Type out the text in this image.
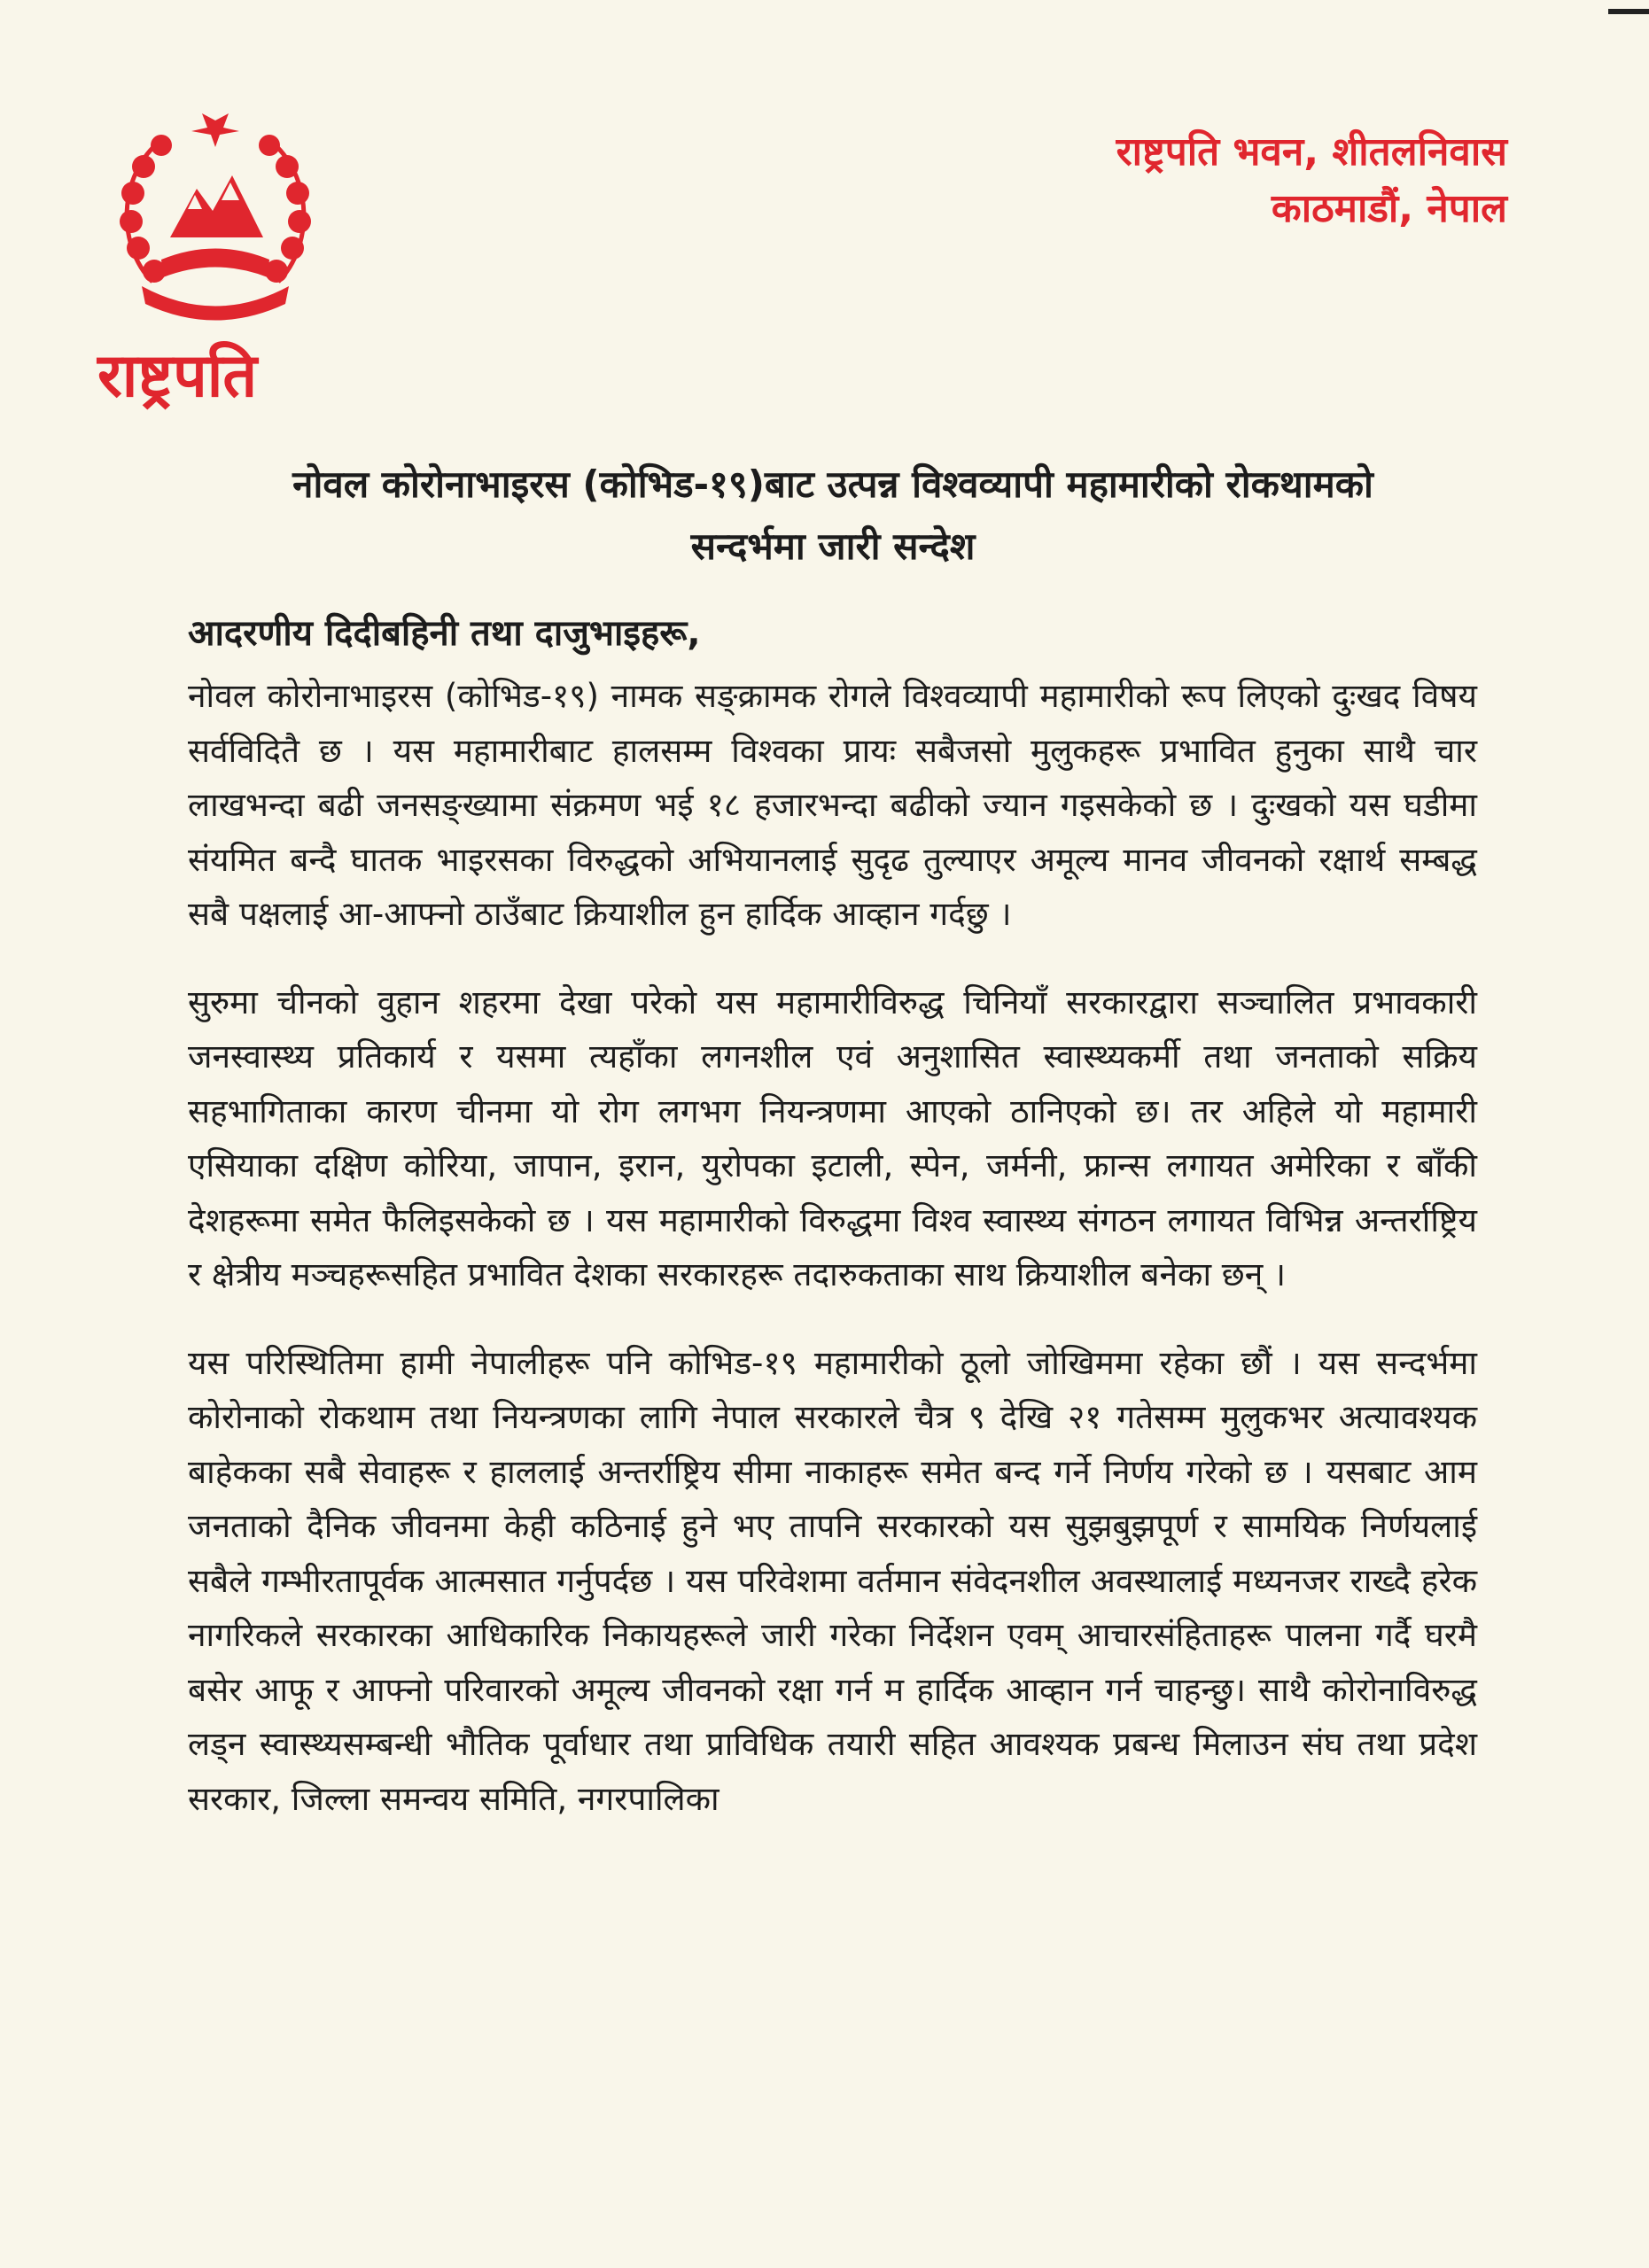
राष्ट्रपति
राष्ट्रपति भवन, शीतलनिवास
काठमाडौं, नेपाल
नोवल कोरोनाभाइरस (कोभिड-१९)बाट उत्पन्न विश्वव्यापी महामारीको रोकथामको
सन्दर्भमा जारी सन्देश
आदरणीय दिदीबहिनी तथा दाजुभाइहरू,

नोवल कोरोनाभाइरस (कोभिड-१९) नामक सङ्क्रामक रोगले विश्वव्यापी महामारीको रूप लिएको दुःखद विषय सर्वविदितै छ । यस महामारीबाट हालसम्म विश्वका प्रायः सबैजसो मुलुकहरू प्रभावित हुनुका साथै चार लाखभन्दा बढी जनसङ्ख्यामा संक्रमण भई १८ हजारभन्दा बढीको ज्यान गइसकेको छ । दुःखको यस घडीमा संयमित बन्दै घातक भाइरसका विरुद्धको अभियानलाई सुदृढ तुल्याएर अमूल्य मानव जीवनको रक्षार्थ सम्बद्ध सबै पक्षलाई आ-आफ्नो ठाउँबाट क्रियाशील हुन हार्दिक आव्हान गर्दछु ।

सुरुमा चीनको वुहान शहरमा देखा परेको यस महामारीविरुद्ध चिनियाँ सरकारद्वारा सञ्चालित प्रभावकारी जनस्वास्थ्य प्रतिकार्य र यसमा त्यहाँका लगनशील एवं अनुशासित स्वास्थ्यकर्मी तथा जनताको सक्रिय सहभागिताका कारण चीनमा यो रोग लगभग नियन्त्रणमा आएको ठानिएको छ। तर अहिले यो महामारी एसियाका दक्षिण कोरिया, जापान, इरान, युरोपका इटाली, स्पेन, जर्मनी, फ्रान्स लगायत अमेरिका र बाँकी देशहरूमा समेत फैलिइसकेको छ । यस महामारीको विरुद्धमा विश्व स्वास्थ्य संगठन लगायत विभिन्न अन्तर्राष्ट्रिय र क्षेत्रीय मञ्चहरूसहित प्रभावित देशका सरकारहरू तदारुकताका साथ क्रियाशील बनेका छन् ।

यस परिस्थितिमा हामी नेपालीहरू पनि कोभिड-१९ महामारीको ठूलो जोखिममा रहेका छौं । यस सन्दर्भमा कोरोनाको रोकथाम तथा नियन्त्रणका लागि नेपाल सरकारले चैत्र ९ देखि २१ गतेसम्म मुलुकभर अत्यावश्यक बाहेकका सबै सेवाहरू र हाललाई अन्तर्राष्ट्रिय सीमा नाकाहरू समेत बन्द गर्ने निर्णय गरेको छ । यसबाट आम जनताको दैनिक जीवनमा केही कठिनाई हुने भए तापनि सरकारको यस सुझबुझपूर्ण र सामयिक निर्णयलाई सबैले गम्भीरतापूर्वक आत्मसात गर्नुपर्दछ । यस परिवेशमा वर्तमान संवेदनशील अवस्थालाई मध्यनजर राख्दै हरेक नागरिकले सरकारका आधिकारिक निकायहरूले जारी गरेका निर्देशन एवम् आचारसंहिताहरू पालना गर्दै घरमै बसेर आफू र आफ्नो परिवारको अमूल्य जीवनको रक्षा गर्न म हार्दिक आव्हान गर्न चाहन्छु। साथै कोरोनाविरुद्ध लड्न स्वास्थ्यसम्बन्धी भौतिक पूर्वाधार तथा प्राविधिक तयारी सहित आवश्यक प्रबन्ध मिलाउन संघ तथा प्रदेश सरकार, जिल्ला समन्वय समिति, नगरपालिका
